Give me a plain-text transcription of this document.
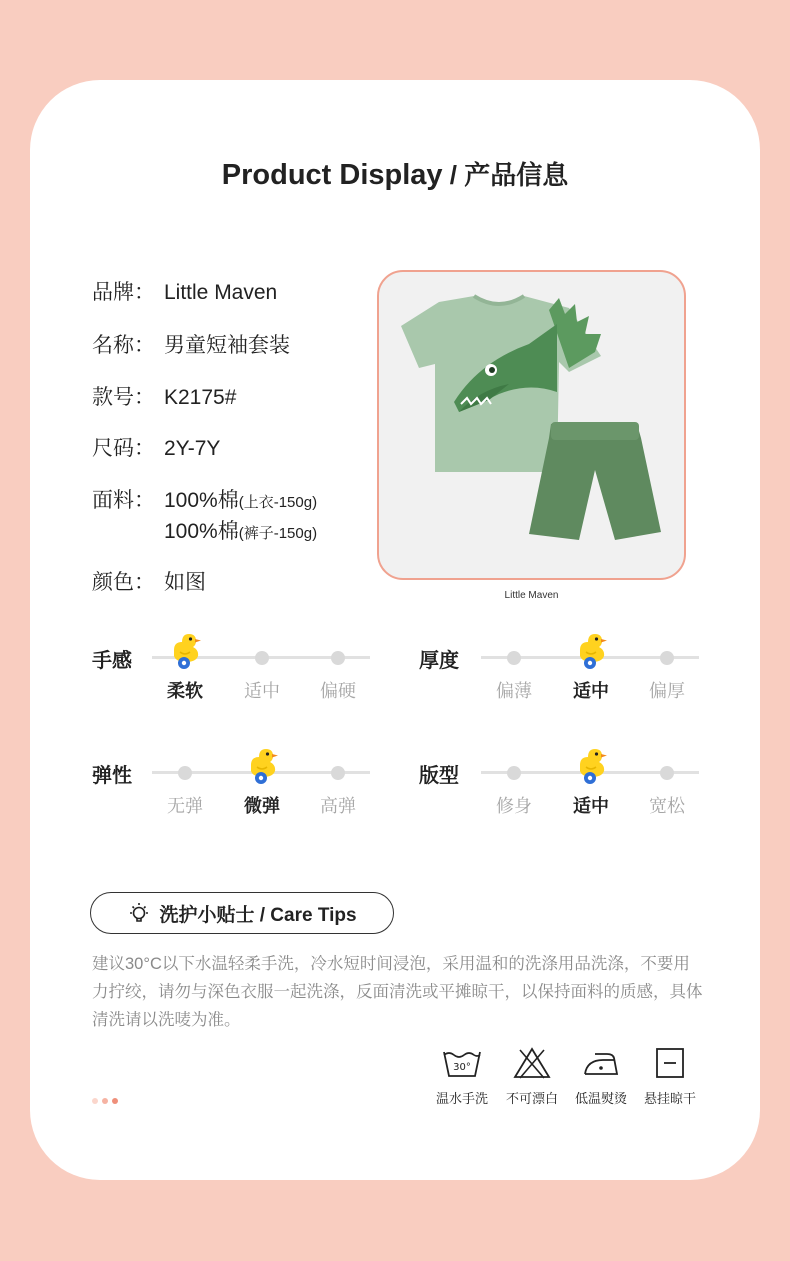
Product Display / 产品信息
品牌： Little Maven
名称： 男童短袖套装
款号： K2175#
尺码： 2Y-7Y
面料： 100%棉(上衣-150g)
100%棉(裤子-150g)
颜色： 如图
Little Maven
手感
柔软	适中	偏硬
厚度
偏薄	适中	偏厚
弹性
无弹	微弹	高弹
版型
修身	适中	宽松
洗护小贴士 / Care Tips
建议30°C以下水温轻柔手洗，冷水短时间浸泡，采用温和的洗涤用品洗涤，不要用力拧绞，请勿与深色衣服一起洗涤，反面清洗或平摊晾干，以保持面料的质感，具体清洗请以洗唛为准。
30°
温水手洗	不可漂白	低温熨烫	悬挂晾干
